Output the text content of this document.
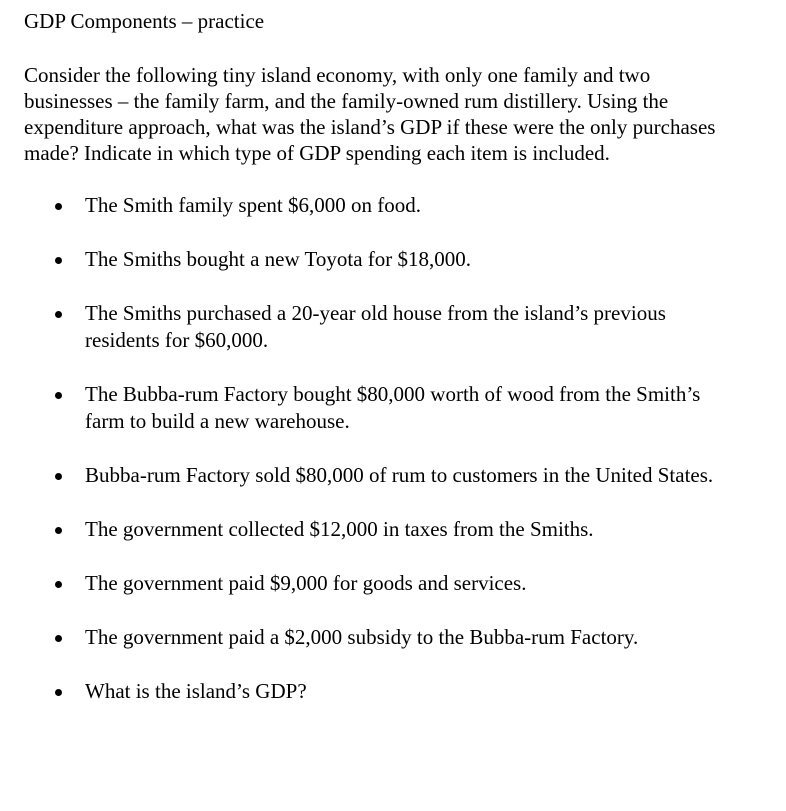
GDP Components – practice

Consider the following tiny island economy, with only one family and two businesses – the family farm, and the family-owned rum distillery. Using the expenditure approach, what was the island’s GDP if these were the only purchases made? Indicate in which type of GDP spending each item is included.

The Smith family spent $6,000 on food.
The Smiths bought a new Toyota for $18,000.
The Smiths purchased a 20-year old house from the island’s previous residents for $60,000.
The Bubba-rum Factory bought $80,000 worth of wood from the Smith’s farm to build a new warehouse.
Bubba-rum Factory sold $80,000 of rum to customers in the United States.
The government collected $12,000 in taxes from the Smiths.
The government paid $9,000 for goods and services.
The government paid a $2,000 subsidy to the Bubba-rum Factory.
What is the island’s GDP?
